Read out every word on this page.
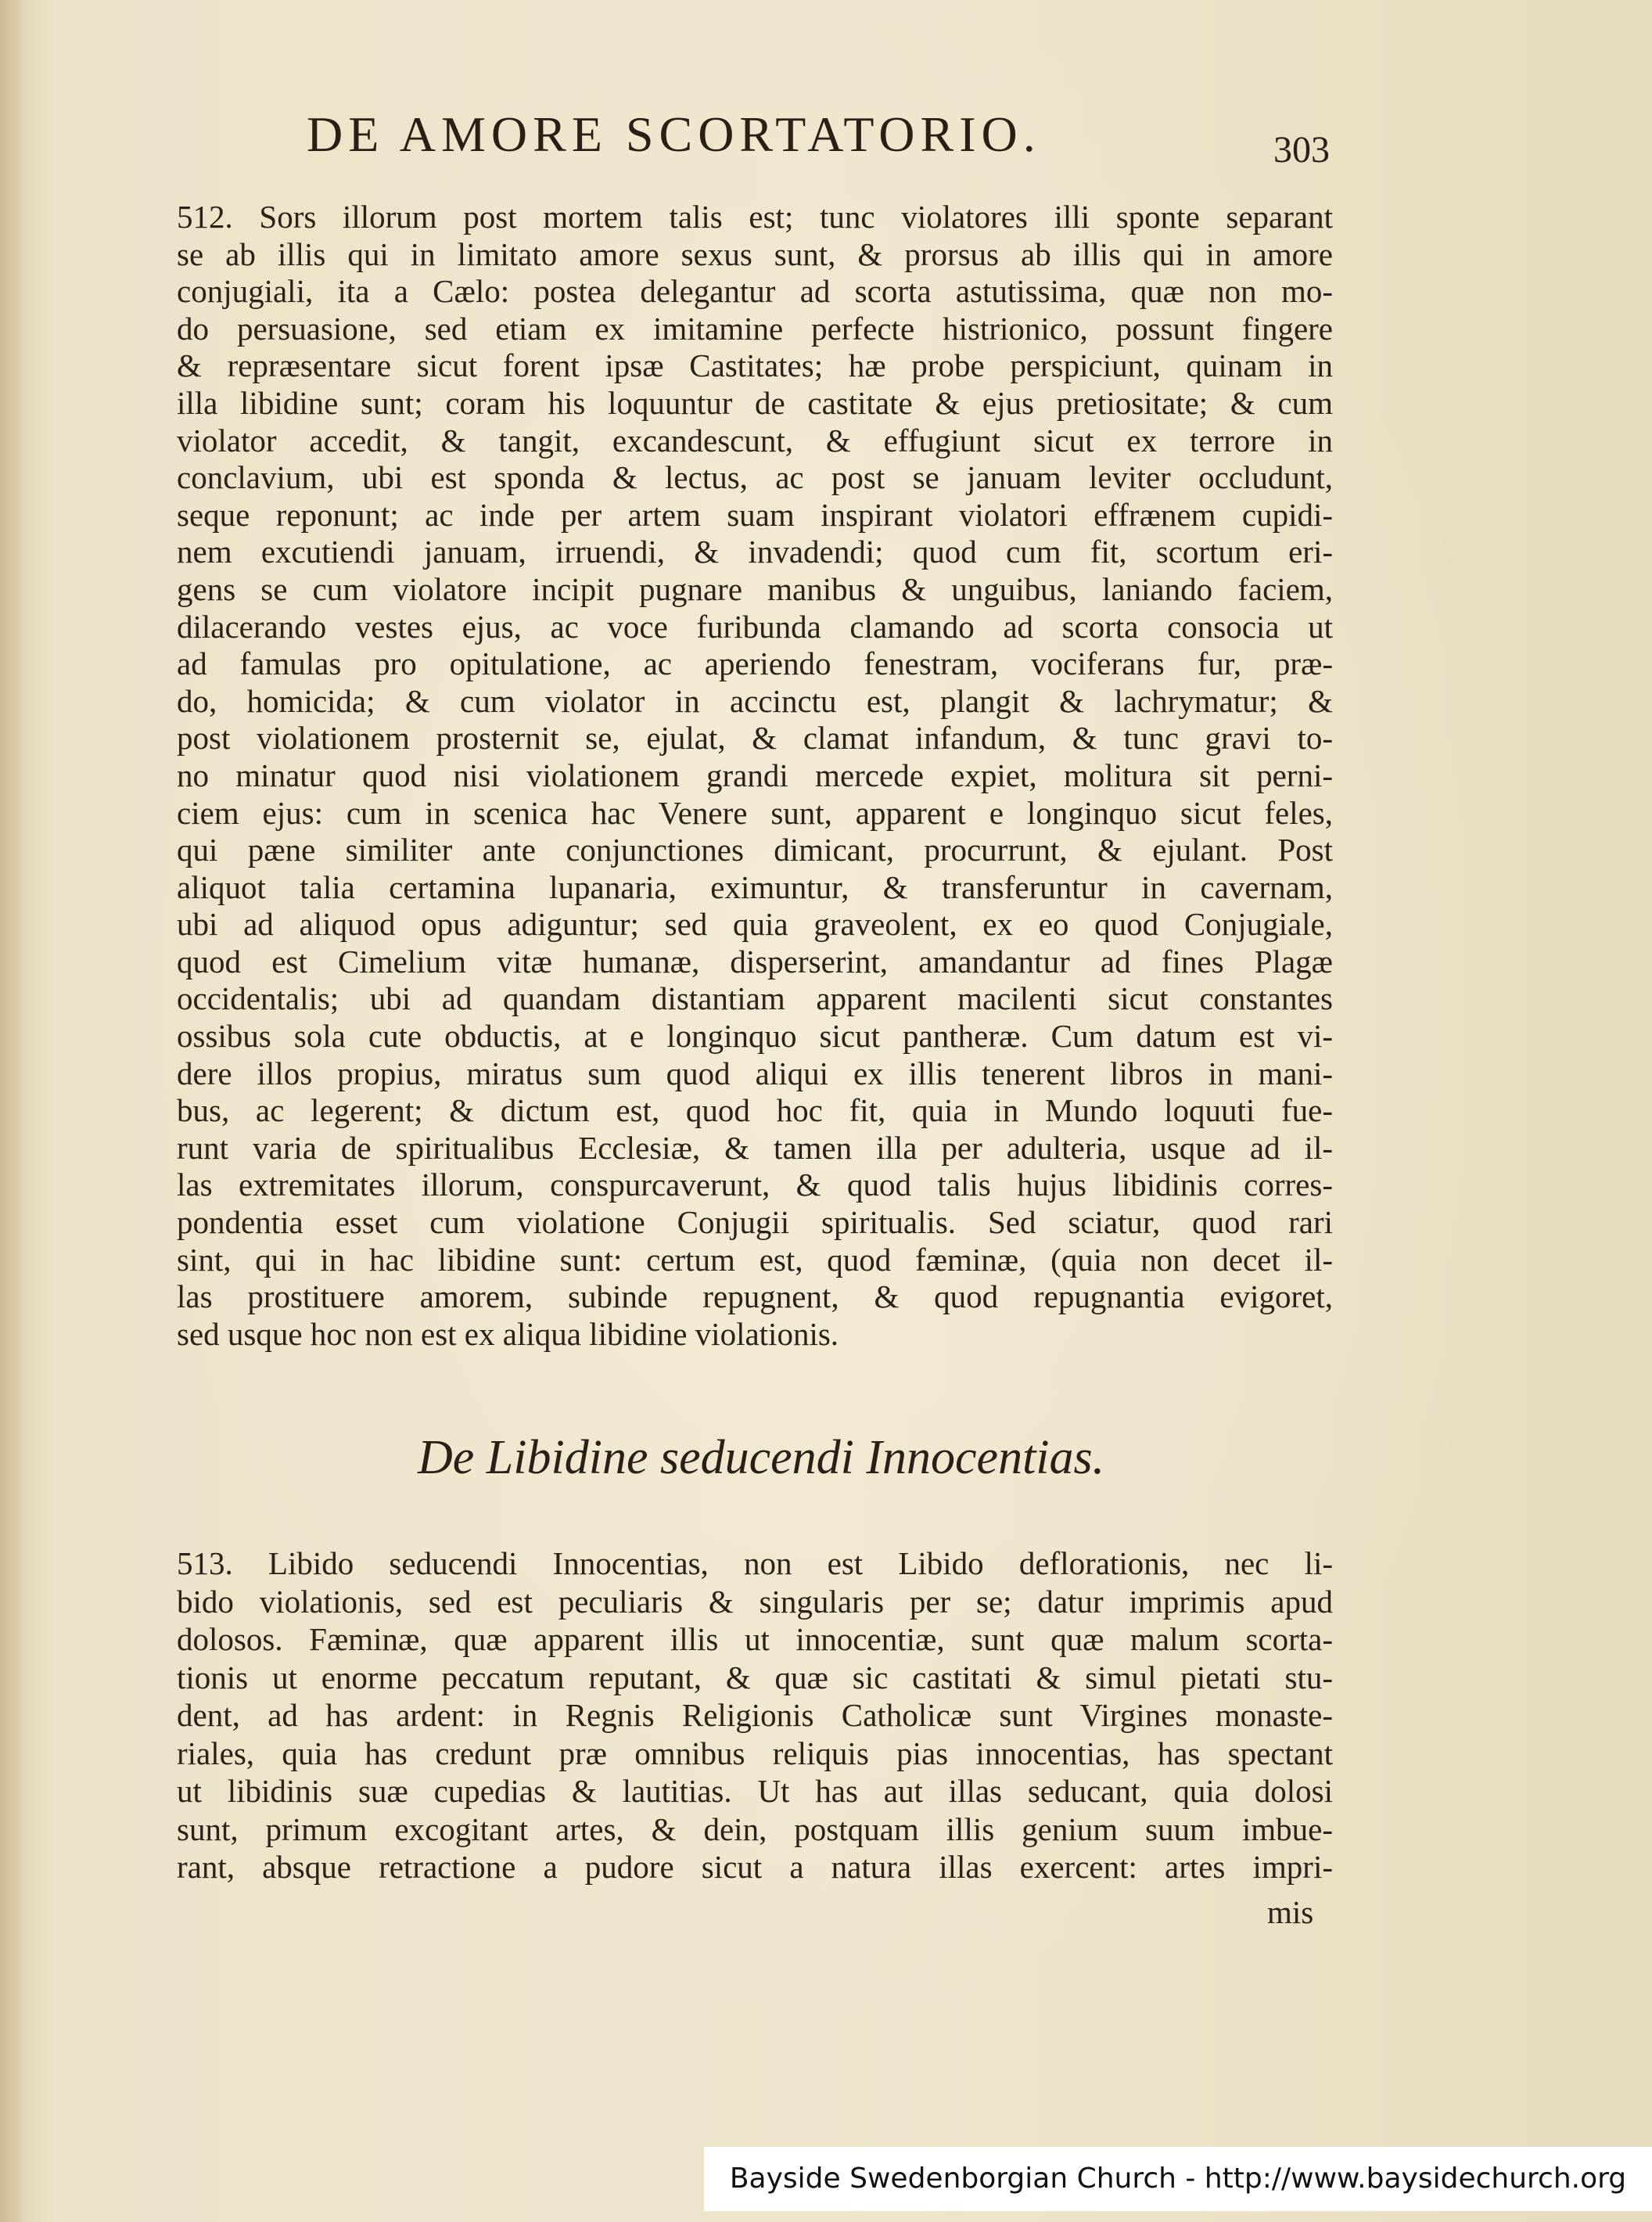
DE AMORE SCORTATORIO.	303
512. Sors illorum post mortem talis est; tunc violatores illi sponte separant
se ab illis qui in limitato amore sexus sunt, & prorsus ab illis qui in amore
conjugiali, ita a Cælo: postea delegantur ad scorta astutissima, quæ non mo-
do persuasione, sed etiam ex imitamine perfecte histrionico, possunt fingere
& repræsentare sicut forent ipsæ Castitates; hæ probe perspiciunt, quinam in
illa libidine sunt; coram his loquuntur de castitate & ejus pretiositate; & cum
violator accedit, & tangit, excandescunt, & effugiunt sicut ex terrore in
conclavium, ubi est sponda & lectus, ac post se januam leviter occludunt,
seque reponunt; ac inde per artem suam inspirant violatori effrænem cupidi-
nem excutiendi januam, irruendi, & invadendi; quod cum fit, scortum eri-
gens se cum violatore incipit pugnare manibus & unguibus, laniando faciem,
dilacerando vestes ejus, ac voce furibunda clamando ad scorta consocia ut
ad famulas pro opitulatione, ac aperiendo fenestram, vociferans fur, præ-
do, homicida; & cum violator in accinctu est, plangit & lachrymatur; &
post violationem prosternit se, ejulat, & clamat infandum, & tunc gravi to-
no minatur quod nisi violationem grandi mercede expiet, molitura sit perni-
ciem ejus: cum in scenica hac Venere sunt, apparent e longinquo sicut feles,
qui pæne similiter ante conjunctiones dimicant, procurrunt, & ejulant. Post
aliquot talia certamina lupanaria, eximuntur, & transferuntur in cavernam,
ubi ad aliquod opus adiguntur; sed quia graveolent, ex eo quod Conjugiale,
quod est Cimelium vitæ humanæ, disperserint, amandantur ad fines Plagæ
occidentalis; ubi ad quandam distantiam apparent macilenti sicut constantes
ossibus sola cute obductis, at e longinquo sicut pantheræ. Cum datum est vi-
dere illos propius, miratus sum quod aliqui ex illis tenerent libros in mani-
bus, ac legerent; & dictum est, quod hoc fit, quia in Mundo loquuti fue-
runt varia de spiritualibus Ecclesiæ, & tamen illa per adulteria, usque ad il-
las extremitates illorum, conspurcaverunt, & quod talis hujus libidinis corres-
pondentia esset cum violatione Conjugii spiritualis. Sed sciatur, quod rari
sint, qui in hac libidine sunt: certum est, quod fæminæ, (quia non decet il-
las prostituere amorem, subinde repugnent, & quod repugnantia evigoret,
sed usque hoc non est ex aliqua libidine violationis.
De Libidine seducendi Innocentias.
513. Libido seducendi Innocentias, non est Libido deflorationis, nec li-
bido violationis, sed est peculiaris & singularis per se; datur imprimis apud
dolosos. Fæminæ, quæ apparent illis ut innocentiæ, sunt quæ malum scorta-
tionis ut enorme peccatum reputant, & quæ sic castitati & simul pietati stu-
dent, ad has ardent: in Regnis Religionis Catholicæ sunt Virgines monaste-
riales, quia has credunt præ omnibus reliquis pias innocentias, has spectant
ut libidinis suæ cupedias & lautitias. Ut has aut illas seducant, quia dolosi
sunt, primum excogitant artes, & dein, postquam illis genium suum imbue-
rant, absque retractione a pudore sicut a natura illas exercent: artes impri-
mis
Bayside Swedenborgian Church - http://www.baysidechurch.org
